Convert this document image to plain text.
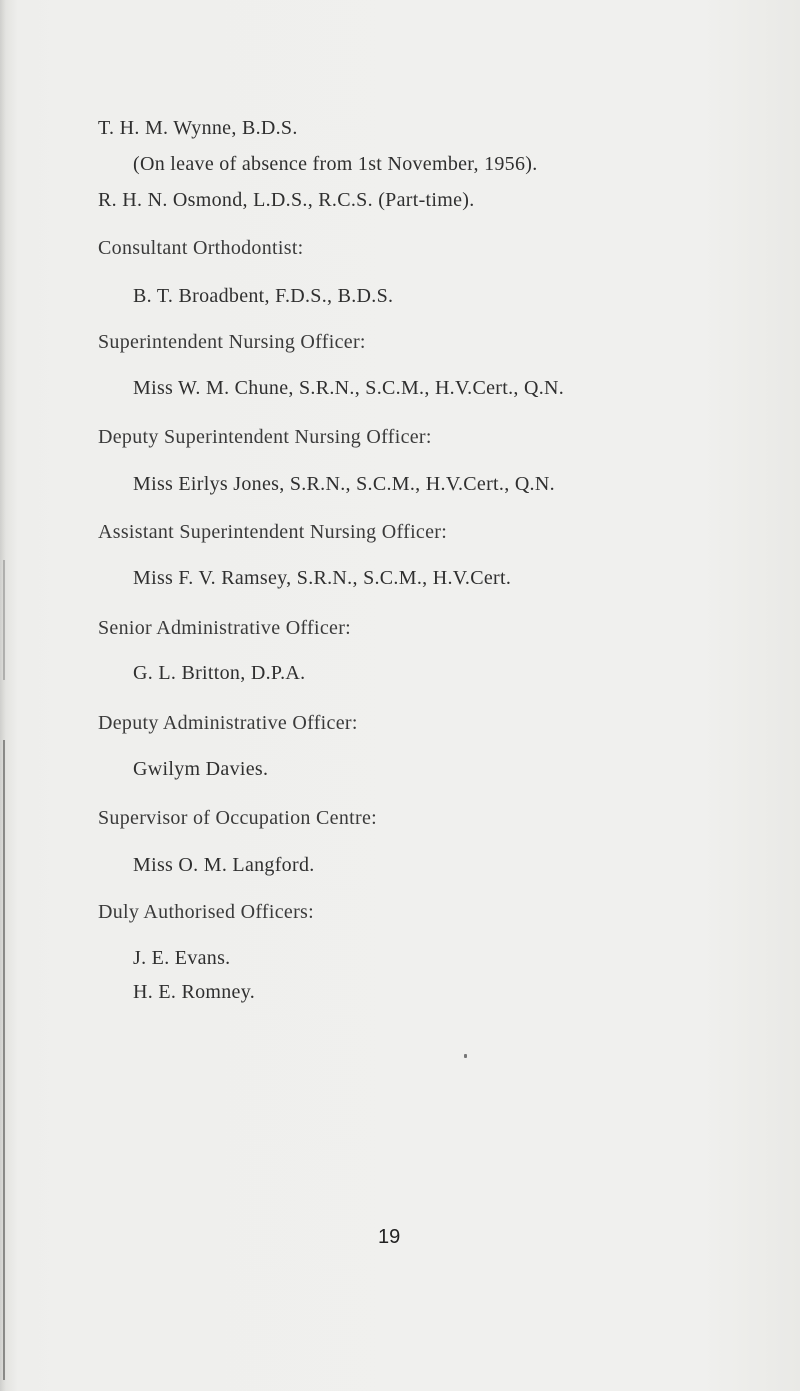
T. H. M. Wynne, B.D.S.
(On leave of absence from 1st November, 1956).
R. H. N. Osmond, L.D.S., R.C.S. (Part-time).
Consultant Orthodontist:
B. T. Broadbent, F.D.S., B.D.S.
Superintendent Nursing Officer:
Miss W. M. Chune, S.R.N., S.C.M., H.V.Cert., Q.N.
Deputy Superintendent Nursing Officer:
Miss Eirlys Jones, S.R.N., S.C.M., H.V.Cert., Q.N.
Assistant Superintendent Nursing Officer:
Miss F. V. Ramsey, S.R.N., S.C.M., H.V.Cert.
Senior Administrative Officer:
G. L. Britton, D.P.A.
Deputy Administrative Officer:
Gwilym Davies.
Supervisor of Occupation Centre:
Miss O. M. Langford.
Duly Authorised Officers:
J. E. Evans.
H. E. Romney.
19
